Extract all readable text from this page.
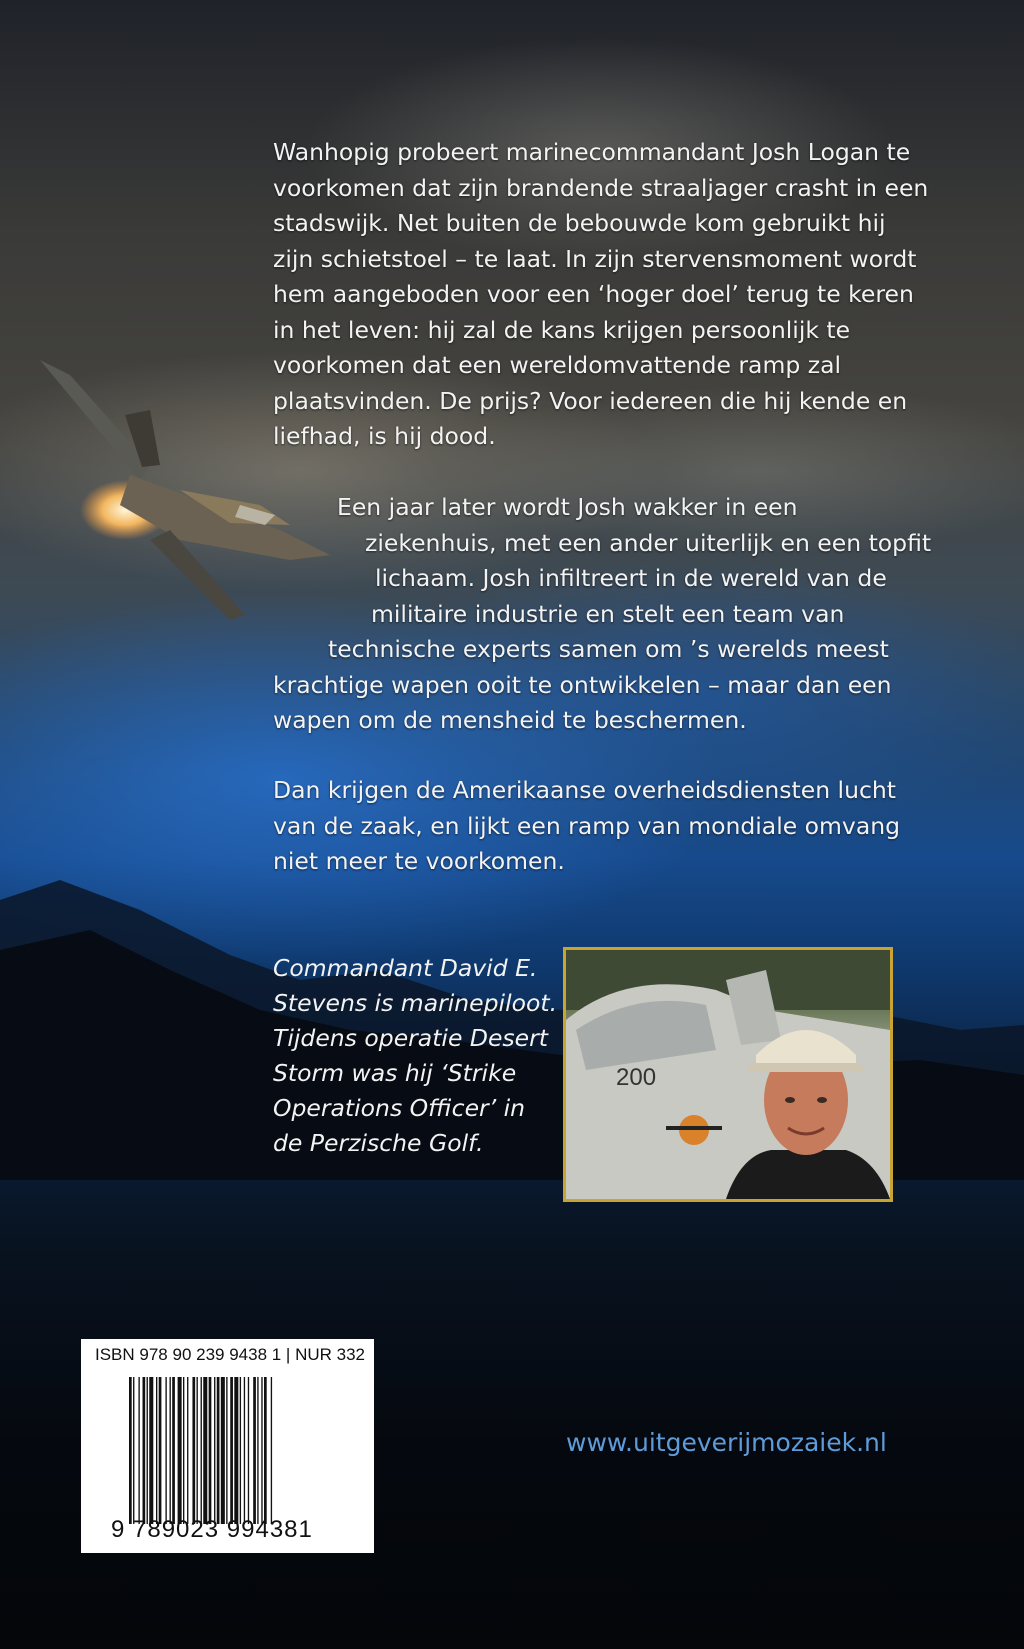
Wanhopig probeert marinecommandant Josh Logan te
voorkomen dat zijn brandende straaljager crasht in een
stadswijk. Net buiten de bebouwde kom gebruikt hij
zijn schietstoel – te laat. In zijn stervensmoment wordt
hem aangeboden voor een ‘hoger doel’ terug te keren
in het leven: hij zal de kans krijgen persoonlijk te
voorkomen dat een wereldomvattende ramp zal
plaatsvinden. De prijs? Voor iedereen die hij kende en
liefhad, is hij dood.

Een jaar later wordt Josh wakker in een
ziekenhuis, met een ander uiterlijk en een topfit
lichaam. Josh infiltreert in de wereld van de
militaire industrie en stelt een team van
technische experts samen om ’s werelds meest
krachtige wapen ooit te ontwikkelen – maar dan een
wapen om de mensheid te beschermen.

Dan krijgen de Amerikaanse overheidsdiensten lucht
van de zaak, en lijkt een ramp van mondiale omvang
niet meer te voorkomen.

Commandant David E.
Stevens is marinepiloot.
Tijdens operatie Desert
Storm was hij ‘Strike
Operations Officer’ in
de Perzische Golf.

200
ISBN 978 90 239 9438 1 | NUR 332
9 789023 994381
www.uitgeverijmozaiek.nl
